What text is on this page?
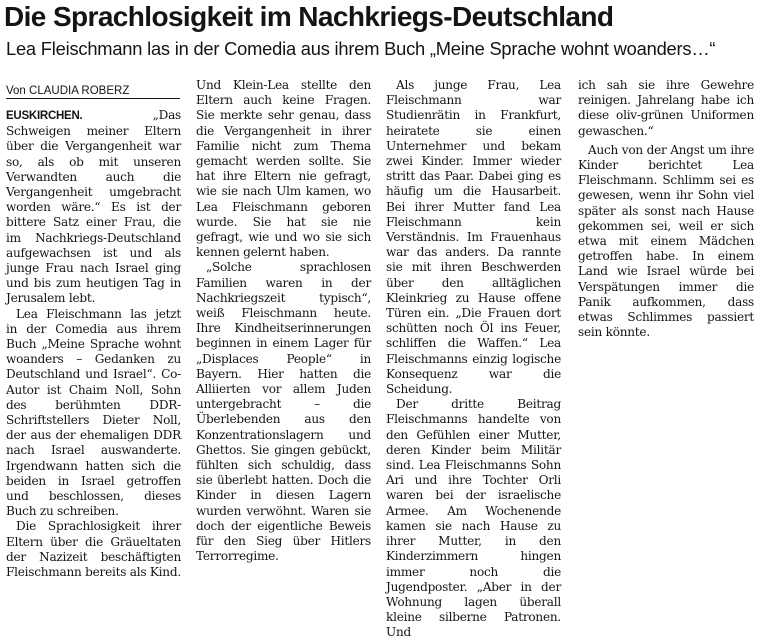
Die Sprachlosigkeit im Nachkriegs-Deutschland
Lea Fleischmann las in der Comedia aus ihrem Buch „Meine Sprache wohnt woanders…“
Von CLAUDIA ROBERZ

EUSKIRCHEN. „Das Schweigen meiner Eltern über die Vergangenheit war so, als ob mit unseren Verwandten auch die Vergangenheit umgebracht worden wäre.“ Es ist der bittere Satz einer Frau, die im Nachkriegs-Deutschland aufgewachsen ist und als junge Frau nach Israel ging und bis zum heutigen Tag in Jerusalem lebt.

Lea Fleischmann las jetzt in der Comedia aus ihrem Buch „Meine Sprache wohnt woanders – Gedanken zu Deutschland und Israel“. Co-Autor ist Chaim Noll, Sohn des berühmten DDR-Schriftstellers Dieter Noll, der aus der ehemaligen DDR nach Israel auswanderte. Irgendwann hatten sich die beiden in Israel getroffen und beschlossen, dieses Buch zu schreiben.

Die Sprachlosigkeit ihrer Eltern über die Gräueltaten der Nazizeit beschäftigten Fleischmann bereits als Kind.

Und Klein-Lea stellte den Eltern auch keine Fragen. Sie merkte sehr genau, dass die Vergangenheit in ihrer Familie nicht zum Thema gemacht werden sollte. Sie hat ihre Eltern nie gefragt, wie sie nach Ulm kamen, wo Lea Fleischmann geboren wurde. Sie hat sie nie gefragt, wie und wo sie sich kennen gelernt haben.

„Solche sprachlosen Familien waren in der Nachkriegszeit typisch“, weiß Fleischmann heute. Ihre Kindheitserinnerungen beginnen in einem Lager für „Displaces People“ in Bayern. Hier hatten die Alliierten vor allem Juden untergebracht – die Überlebenden aus den Konzentrationslagern und Ghettos. Sie gingen gebückt, fühlten sich schuldig, dass sie überlebt hatten. Doch die Kinder in diesen Lagern wurden verwöhnt. Waren sie doch der eigentliche Beweis für den Sieg über Hitlers Terrorregime.

Als junge Frau, Lea Fleischmann war Studienrätin in Frankfurt, heiratete sie einen Unternehmer und bekam zwei Kinder. Immer wieder stritt das Paar. Dabei ging es häufig um die Hausarbeit. Bei ihrer Mutter fand Lea Fleischmann kein Verständnis. Im Frauenhaus war das anders. Da rannte sie mit ihren Beschwerden über den alltäglichen Kleinkrieg zu Hause offene Türen ein. „Die Frauen dort schütten noch Öl ins Feuer, schliffen die Waffen.“ Lea Fleischmanns einzig logische Konsequenz war die Scheidung.

Der dritte Beitrag Fleischmanns handelte von den Gefühlen einer Mutter, deren Kinder beim Militär sind. Lea Fleischmanns Sohn Ari und ihre Tochter Orli waren bei der israelische Armee. Am Wochenende kamen sie nach Hause zu ihrer Mutter, in den Kinderzimmern hingen immer noch die Jugendposter. „Aber in der Wohnung lagen überall kleine silberne Patronen. Und

ich sah sie ihre Gewehre reinigen. Jahrelang habe ich diese oliv-grünen Uniformen gewaschen.“

Auch von der Angst um ihre Kinder berichtet Lea Fleischmann. Schlimm sei es gewesen, wenn ihr Sohn viel später als sonst nach Hause gekommen sei, weil er sich etwa mit einem Mädchen getroffen habe. In einem Land wie Israel würde bei Verspätungen immer die Panik aufkommen, dass etwas Schlimmes passiert sein könnte.
